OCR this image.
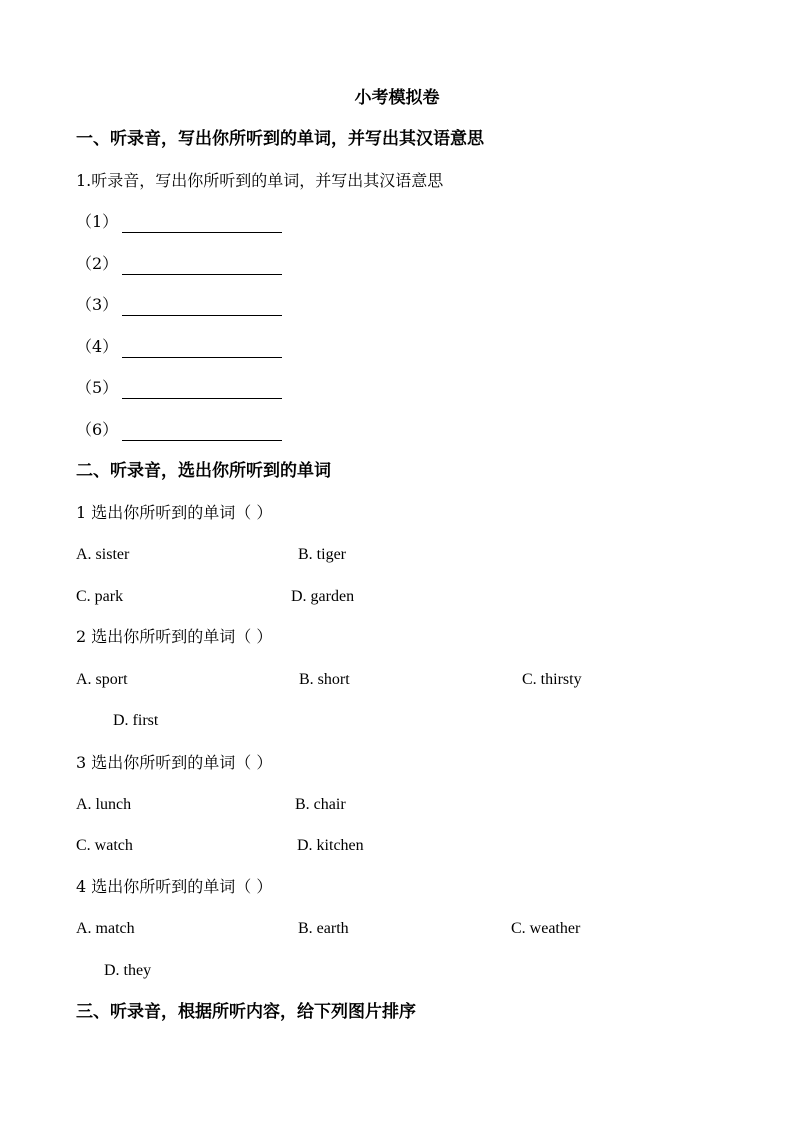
小考模拟卷
一、听录音，写出你所听到的单词，并写出其汉语意思
1.听录音，写出你所听到的单词，并写出其汉语意思
（1）
（2）
（3）
（4）
（5）
（6）
二、听录音，选出你所听到的单词
1 选出你所听到的单词（ ）
A. sister	B. tiger
C. park	D. garden
2 选出你所听到的单词（ ）
A. sport	B. short	C. thirsty
D. first
3 选出你所听到的单词（ ）
A. lunch	B. chair
C. watch	D. kitchen
4 选出你所听到的单词（ ）
A. match	B. earth	C. weather
D. they
三、听录音，根据所听内容，给下列图片排序
